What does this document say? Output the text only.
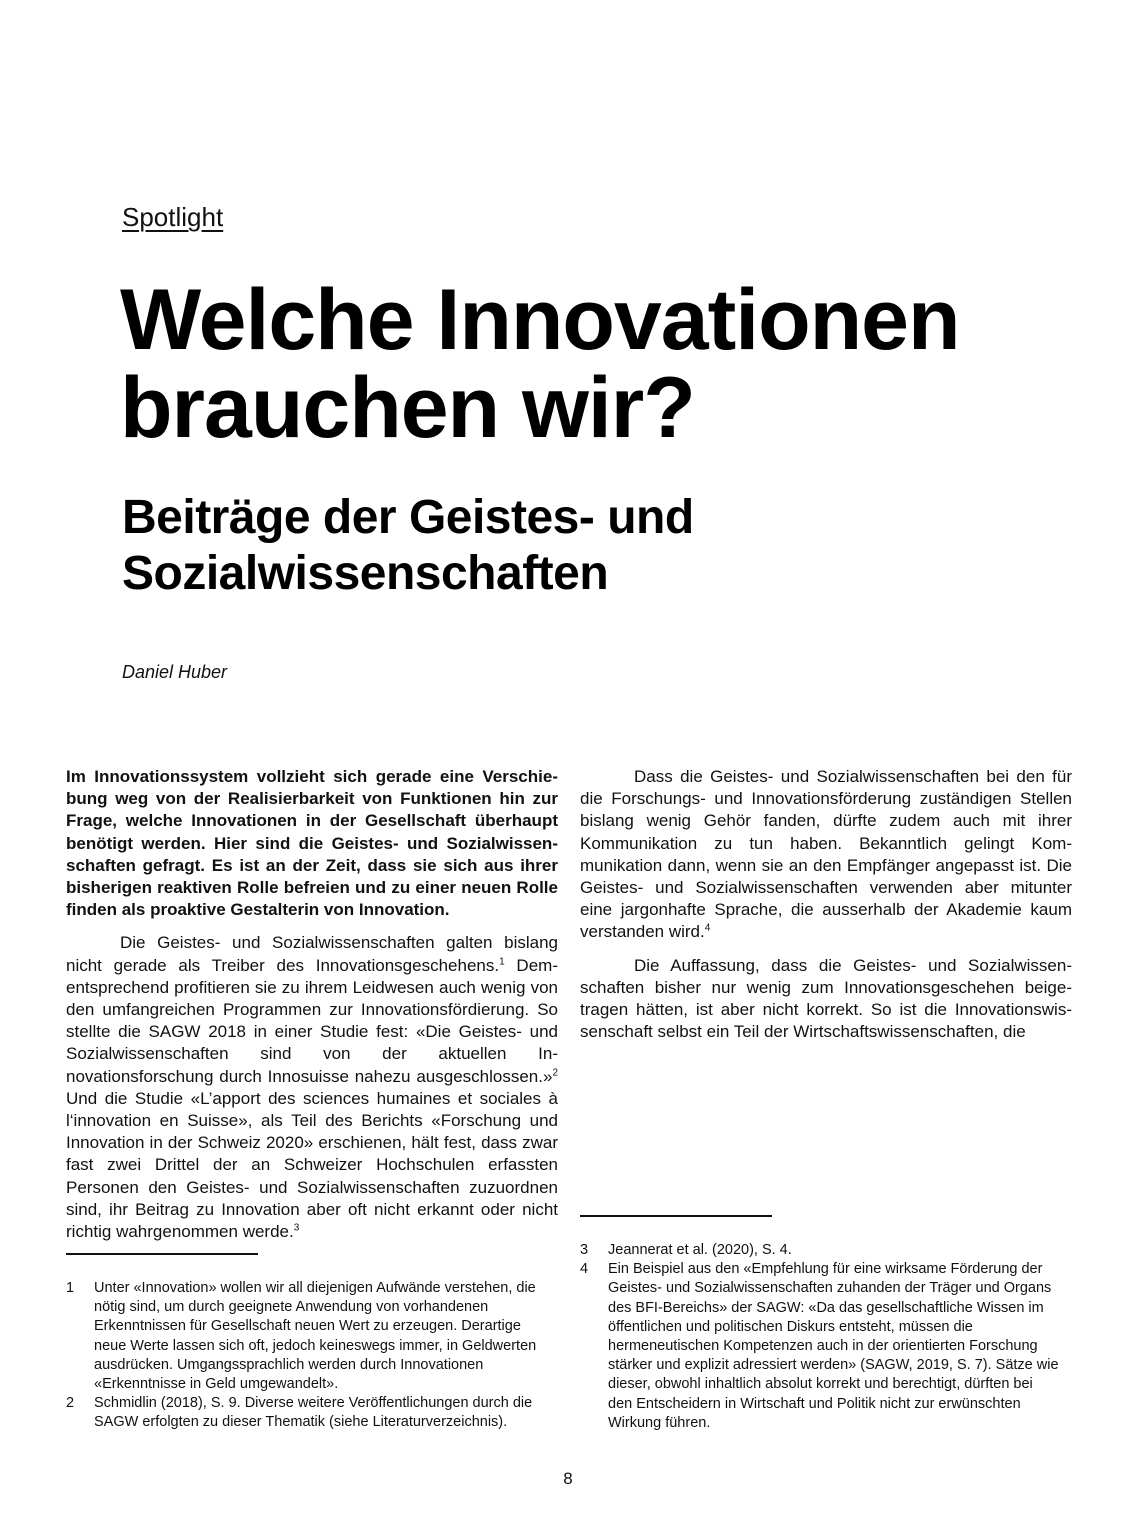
Spotlight
Welche Innovationen brauchen wir?
Beiträge der Geistes- und Sozialwissenschaften
Daniel Huber

Im Innovationssystem vollzieht sich gerade eine Verschiebung weg von der Realisierbarkeit von Funktionen hin zur Frage, welche Innovationen in der Gesellschaft überhaupt benötigt werden. Hier sind die Geistes- und Sozialwissenschaften gefragt. Es ist an der Zeit, dass sie sich aus ihrer bisherigen reaktiven Rolle befreien und zu einer neuen Rolle finden als proaktive Gestalterin von Innovation.

Die Geistes- und Sozialwissenschaften galten bislang nicht gerade als Treiber des Innovationsgeschehens.$^1$ Dementsprechend profitieren sie zu ihrem Leidwesen auch wenig von den umfangreichen Programmen zur Innovationsfördierung. So stellte die SAGW 2018 in einer Studie fest: «Die Geistes- und Sozialwissenschaften sind von der aktuellen Innovationsforschung durch Innosuisse nahezu ausgeschlossen.»$^2$ Und die Studie «L’apport des sciences humaines et sociales à l‘innovation en Suisse», als Teil des Berichts «Forschung und Innovation in der Schweiz 2020» erschienen, hält fest, dass zwar fast zwei Drittel der an Schweizer Hochschulen erfassten Personen den Geistes- und Sozialwissenschaften zuzuordnen sind, ihr Beitrag zu Innovation aber oft nicht erkannt oder nicht richtig wahrgenommen werde.$^3$

Dass die Geistes- und Sozialwissenschaften bei den für die Forschungs- und Innovationsförderung zuständigen Stellen bislang wenig Gehör fanden, dürfte zudem auch mit ihrer Kommunikation zu tun haben. Bekanntlich gelingt Kommunikation dann, wenn sie an den Empfänger angepasst ist. Die Geistes- und Sozialwissenschaften verwenden aber mitunter eine jargonhafte Sprache, die ausserhalb der Akademie kaum verstanden wird.$^4$

Die Auffassung, dass die Geistes- und Sozialwissenschaften bisher nur wenig zum Innovationsgeschehen beigetragen hätten, ist aber nicht korrekt. So ist die Innovationswissenschaft selbst ein Teil der Wirtschaftswissenschaften, die

1	Unter «Innovation» wollen wir all diejenigen Aufwände verstehen, die nötig sind, um durch geeignete Anwendung von vorhandenen Erkenntnissen für Gesellschaft neuen Wert zu erzeugen. Derartige neue Werte lassen sich oft, jedoch keineswegs immer, in Geldwerten ausdrücken. Umgangssprachlich werden durch Innovationen «Erkenntnisse in Geld umgewandelt».
2	Schmidlin (2018), S. 9. Diverse weitere Veröffentlichungen durch die SAGW erfolgten zu dieser Thematik (siehe Literaturverzeichnis).
3	Jeannerat et al. (2020), S. 4.
4	Ein Beispiel aus den «Empfehlung für eine wirksame Förderung der Geistes- und Sozialwissenschaften zuhanden der Träger und Organs des BFI-Bereichs» der SAGW: «Da das gesellschaftliche Wissen im öffentlichen und politischen Diskurs entsteht, müssen die hermeneutischen Kompetenzen auch in der orientierten Forschung stärker und explizit adressiert werden» (SAGW, 2019, S. 7). Sätze wie dieser, obwohl inhaltlich absolut korrekt und berechtigt, dürften bei den Entscheidern in Wirtschaft und Politik nicht zur erwünschten Wirkung führen.
8
